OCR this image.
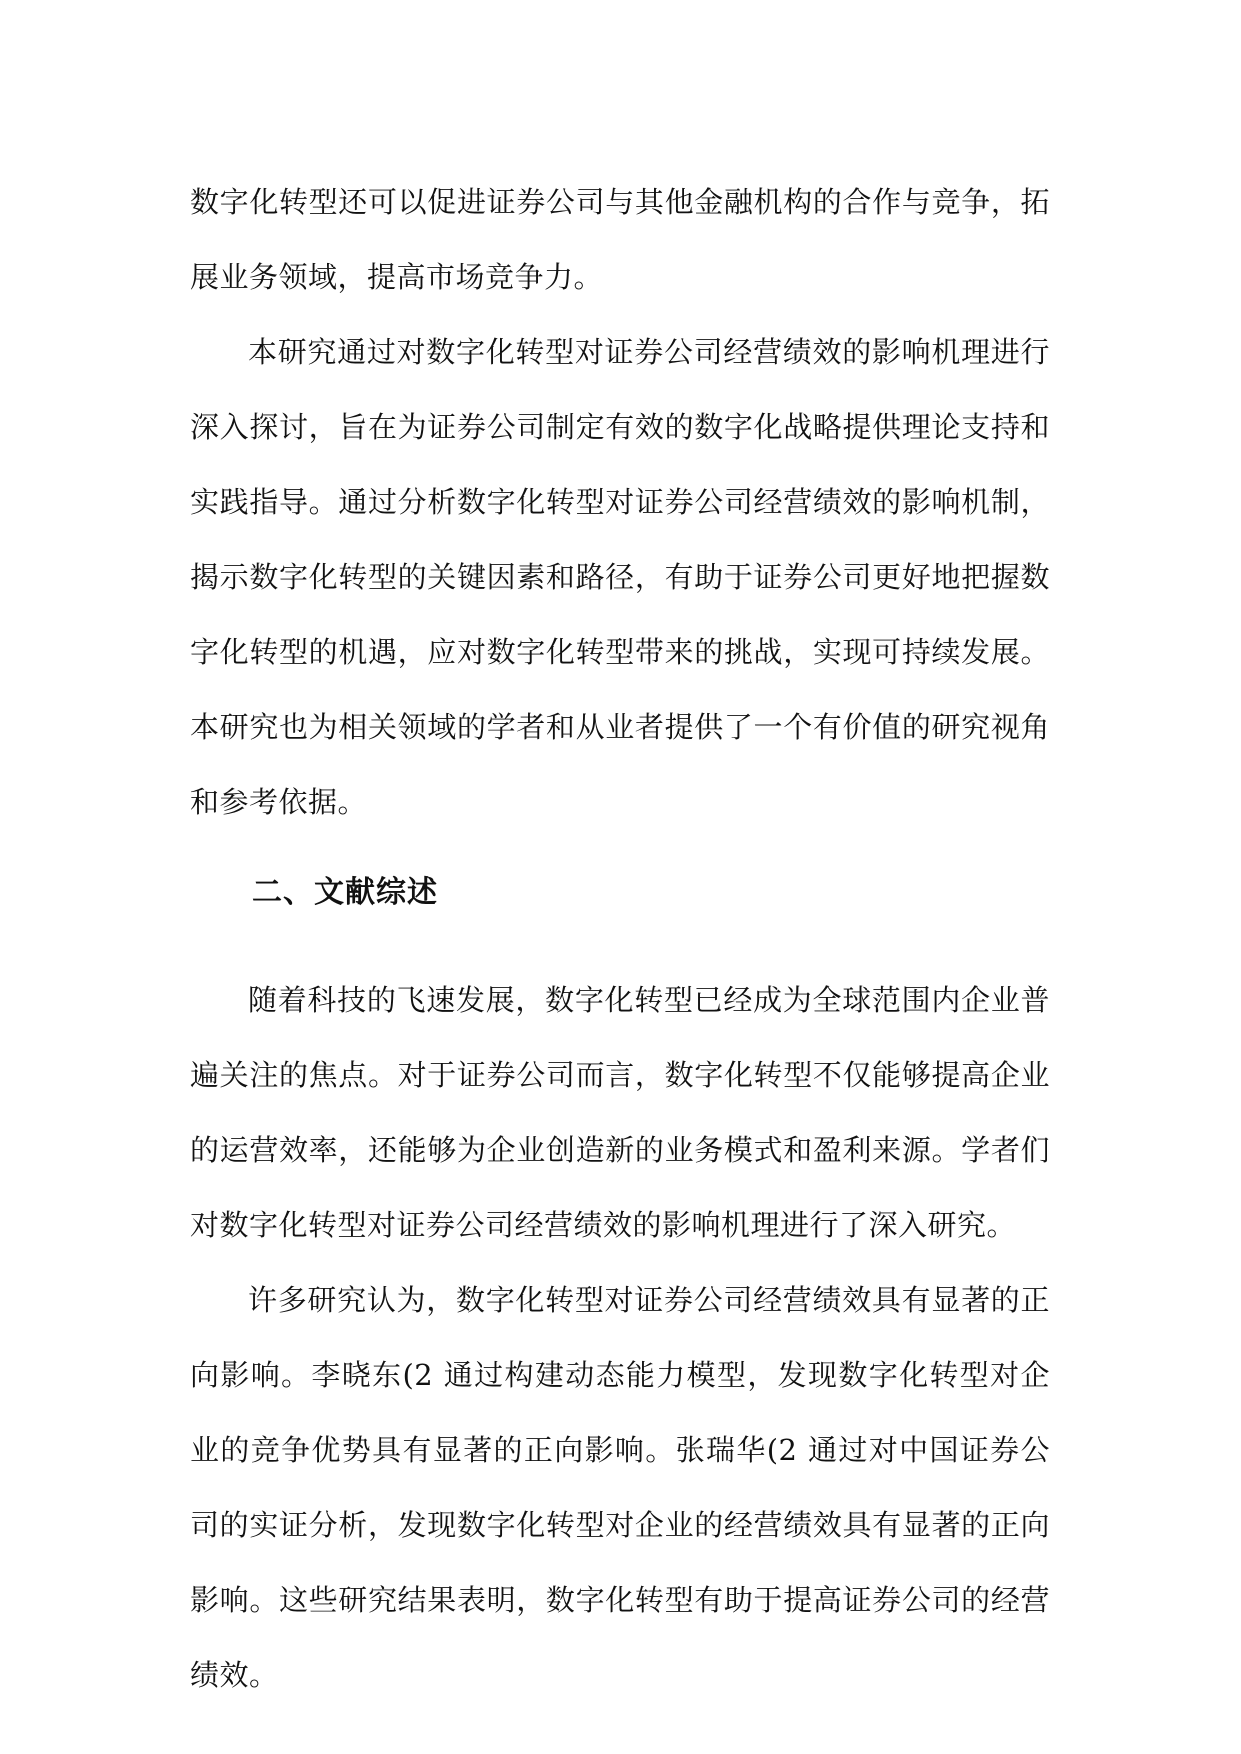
数字化转型还可以促进证券公司与其他金融机构的合作与竞争，拓展业务领域，提高市场竞争力。

本研究通过对数字化转型对证券公司经营绩效的影响机理进行深入探讨，旨在为证券公司制定有效的数字化战略提供理论支持和实践指导。通过分析数字化转型对证券公司经营绩效的影响机制，揭示数字化转型的关键因素和路径，有助于证券公司更好地把握数字化转型的机遇，应对数字化转型带来的挑战，实现可持续发展。本研究也为相关领域的学者和从业者提供了一个有价值的研究视角和参考依据。

二、文献综述

随着科技的飞速发展，数字化转型已经成为全球范围内企业普遍关注的焦点。对于证券公司而言，数字化转型不仅能够提高企业的运营效率，还能够为企业创造新的业务模式和盈利来源。学者们对数字化转型对证券公司经营绩效的影响机理进行了深入研究。

许多研究认为，数字化转型对证券公司经营绩效具有显著的正向影响。李晓东(2 通过构建动态能力模型，发现数字化转型对企业的竞争优势具有显著的正向影响。张瑞华(2 通过对中国证券公司的实证分析，发现数字化转型对企业的经营绩效具有显著的正向影响。这些研究结果表明，数字化转型有助于提高证券公司的经营绩效。
